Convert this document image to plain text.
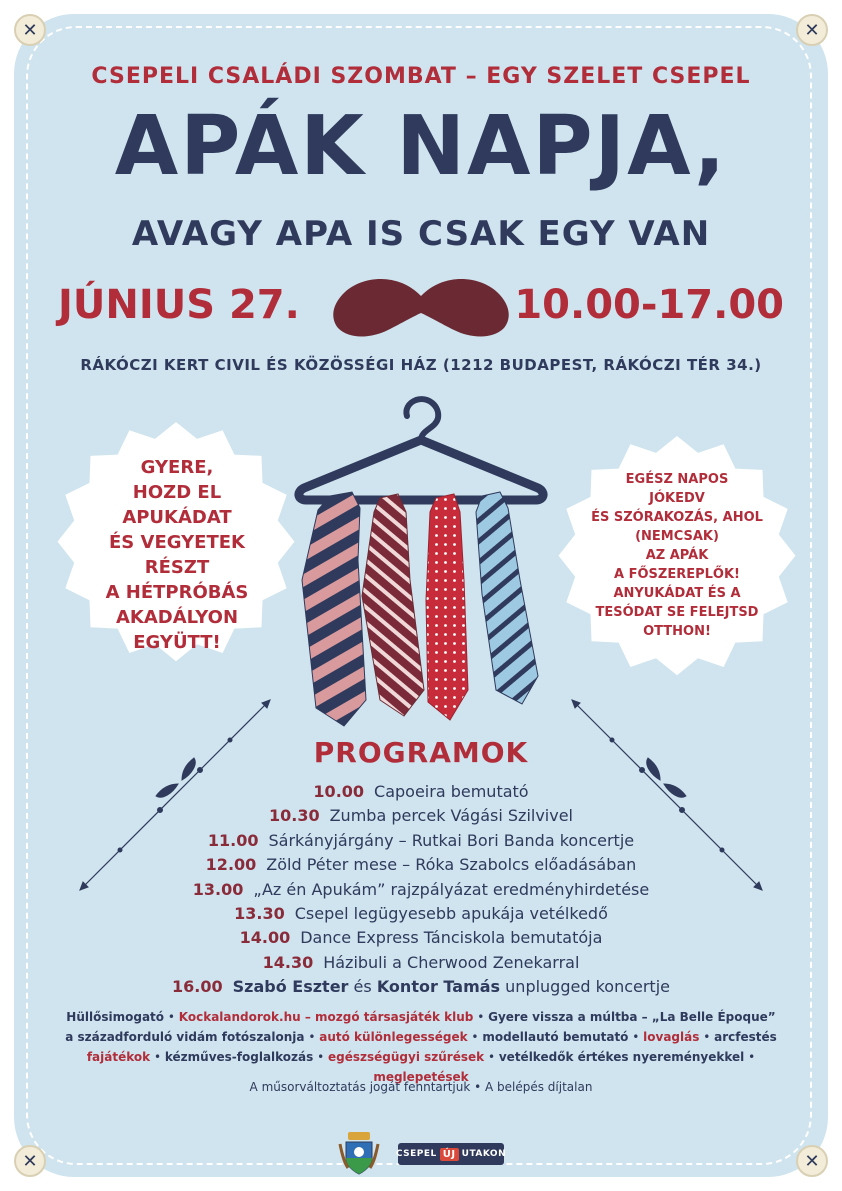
✕	✕
✕	✕

CSEPELI CSALÁDI SZOMBAT – EGY SZELET CSEPEL

APÁK NAPJA,
AVAGY APA IS CSAK EGY VAN
JÚNIUS 27.	10.00-17.00

RÁKÓCZI KERT CIVIL ÉS KÖZÖSSÉGI HÁZ (1212 BUDAPEST, RÁKÓCZI TÉR 34.)

GYERE,
HOZD EL
APUKÁDAT
ÉS VEGYETEK
RÉSZT
A HÉTPRÓBÁS
AKADÁLYON
EGYÜTT!
EGÉSZ NAPOS
JÓKEDV
ÉS SZÓRAKOZÁS, AHOL
(NEMCSAK)
AZ APÁK
A FŐSZEREPLŐK!
ANYUKÁDAT ÉS A
TESÓDAT SE FELEJTSD
OTTHON!
PROGRAMOK
10.00 Capoeira bemutató
10.30 Zumba percek Vágási Szilvivel
11.00 Sárkányjárgány – Rutkai Bori Banda koncertje
12.00 Zöld Péter mese – Róka Szabolcs előadásában
13.00 „Az én Apukám” rajzpályázat eredményhirdetése
13.30 Csepel legügyesebb apukája vetélkedő
14.00 Dance Express Tánciskola bemutatója
14.30 Házibuli a Cherwood Zenekarral
16.00 Szabó Eszter és Kontor Tamás unplugged koncertje

Hüllősimogató • Kockalandorok.hu – mozgó társasjáték klub • Gyere vissza a múltba – „La Belle Époque”
a századforduló vidám fotószalonja • autó különlegességek • modellautó bemutató • lovaglás • arcfestés
fajátékok • kézműves-foglalkozás • egészségügyi szűrések • vetélkedők értékes nyereményekkel • meglepetések

A műsorváltoztatás jogát fenntartjuk • A belépés díjtalan

CSEPEL ÚJ UTAKON
